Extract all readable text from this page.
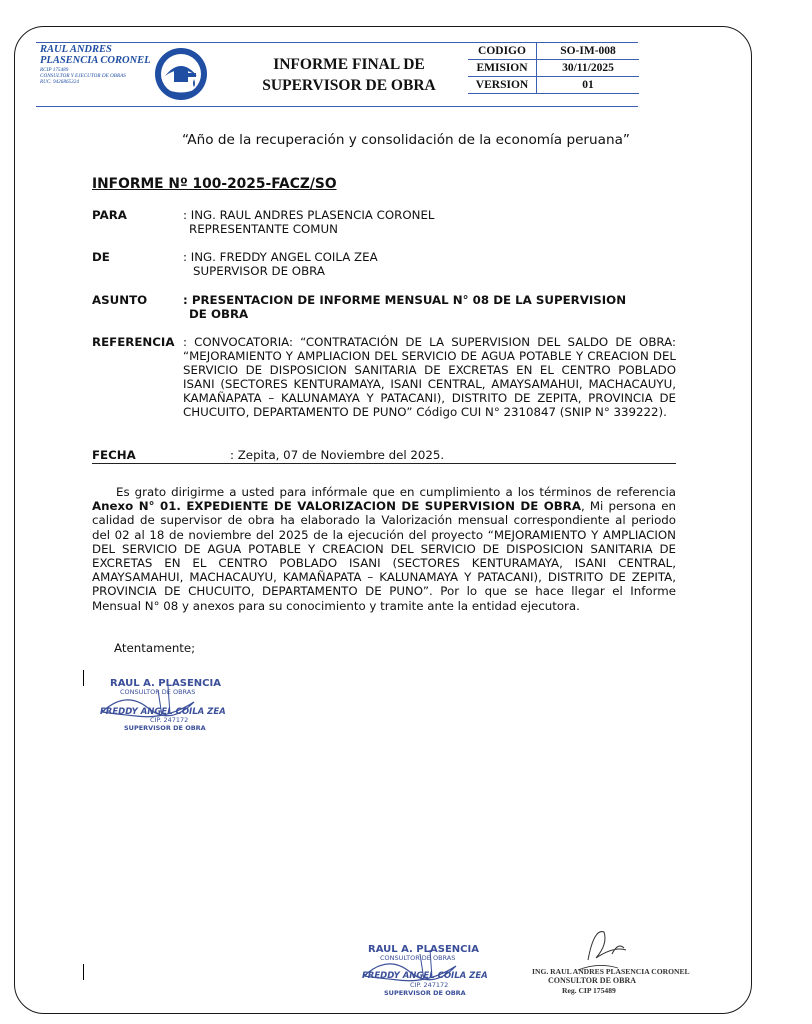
RAUL ANDRES
PLASENCIA CORONEL
RCIP 175489
CONSULTOR Y EJECUTOR DE OBRAS
RUC. 9426865324
INFORME FINAL DE
SUPERVISOR DE OBRA
CODIGO	SO-IM-008
EMISION	30/11/2025
VERSION	01
“Año de la recuperación y consolidación de la economía peruana”
INFORME Nº 100-2025-FACZ/SO
PARA	: ING. RAUL ANDRES PLASENCIA CORONEL
REPRESENTANTE COMUN
DE	: ING. FREDDY ANGEL COILA ZEA
SUPERVISOR DE OBRA
ASUNTO	: PRESENTACION DE INFORME MENSUAL N° 08 DE LA SUPERVISION
DE OBRA
REFERENCIA : CONVOCATORIA: “CONTRATACIÓN DE LA SUPERVISION DEL SALDO DE OBRA: “MEJORAMIENTO Y AMPLIACION DEL SERVICIO DE AGUA POTABLE Y CREACION DEL SERVICIO DE DISPOSICION SANITARIA DE EXCRETAS EN EL CENTRO POBLADO ISANI (SECTORES KENTURAMAYA, ISANI CENTRAL, AMAYSAMAHUI, MACHACAUYU, KAMAÑAPATA – KALUNAMAYA Y PATACANI), DISTRITO DE ZEPITA, PROVINCIA DE CHUCUITO, DEPARTAMENTO DE PUNO” Código CUI N° 2310847 (SNIP N° 339222).
FECHA	: Zepita, 07 de Noviembre del 2025.
Es grato dirigirme a usted para infórmale que en cumplimiento a los términos de referencia Anexo N° 01. EXPEDIENTE DE VALORIZACION DE SUPERVISION DE OBRA, Mi persona en calidad de supervisor de obra ha elaborado la Valorización mensual correspondiente al periodo del 02 al 18 de noviembre del 2025 de la ejecución del proyecto “MEJORAMIENTO Y AMPLIACION DEL SERVICIO DE AGUA POTABLE Y CREACION DEL SERVICIO DE DISPOSICION SANITARIA DE EXCRETAS EN EL CENTRO POBLADO ISANI (SECTORES KENTURAMAYA, ISANI CENTRAL, AMAYSAMAHUI, MACHACAUYU, KAMAÑAPATA – KALUNAMAYA Y PATACANI), DISTRITO DE ZEPITA, PROVINCIA DE CHUCUITO, DEPARTAMENTO DE PUNO”. Por lo que se hace llegar el Informe Mensual N° 08 y anexos para su conocimiento y tramite ante la entidad ejecutora.
Atentamente;
RAUL A. PLASENCIA
CONSULTOR DE OBRAS
FREDDY ANGEL COILA ZEA
CIP. 247172
SUPERVISOR DE OBRA
RAUL A. PLASENCIA
CONSULTOR DE OBRAS
FREDDY ANGEL COILA ZEA
CIP. 247172
SUPERVISOR DE OBRA
ING. RAUL ANDRES PLASENCIA CORONEL
CONSULTOR DE OBRA
Reg. CIP 175489
